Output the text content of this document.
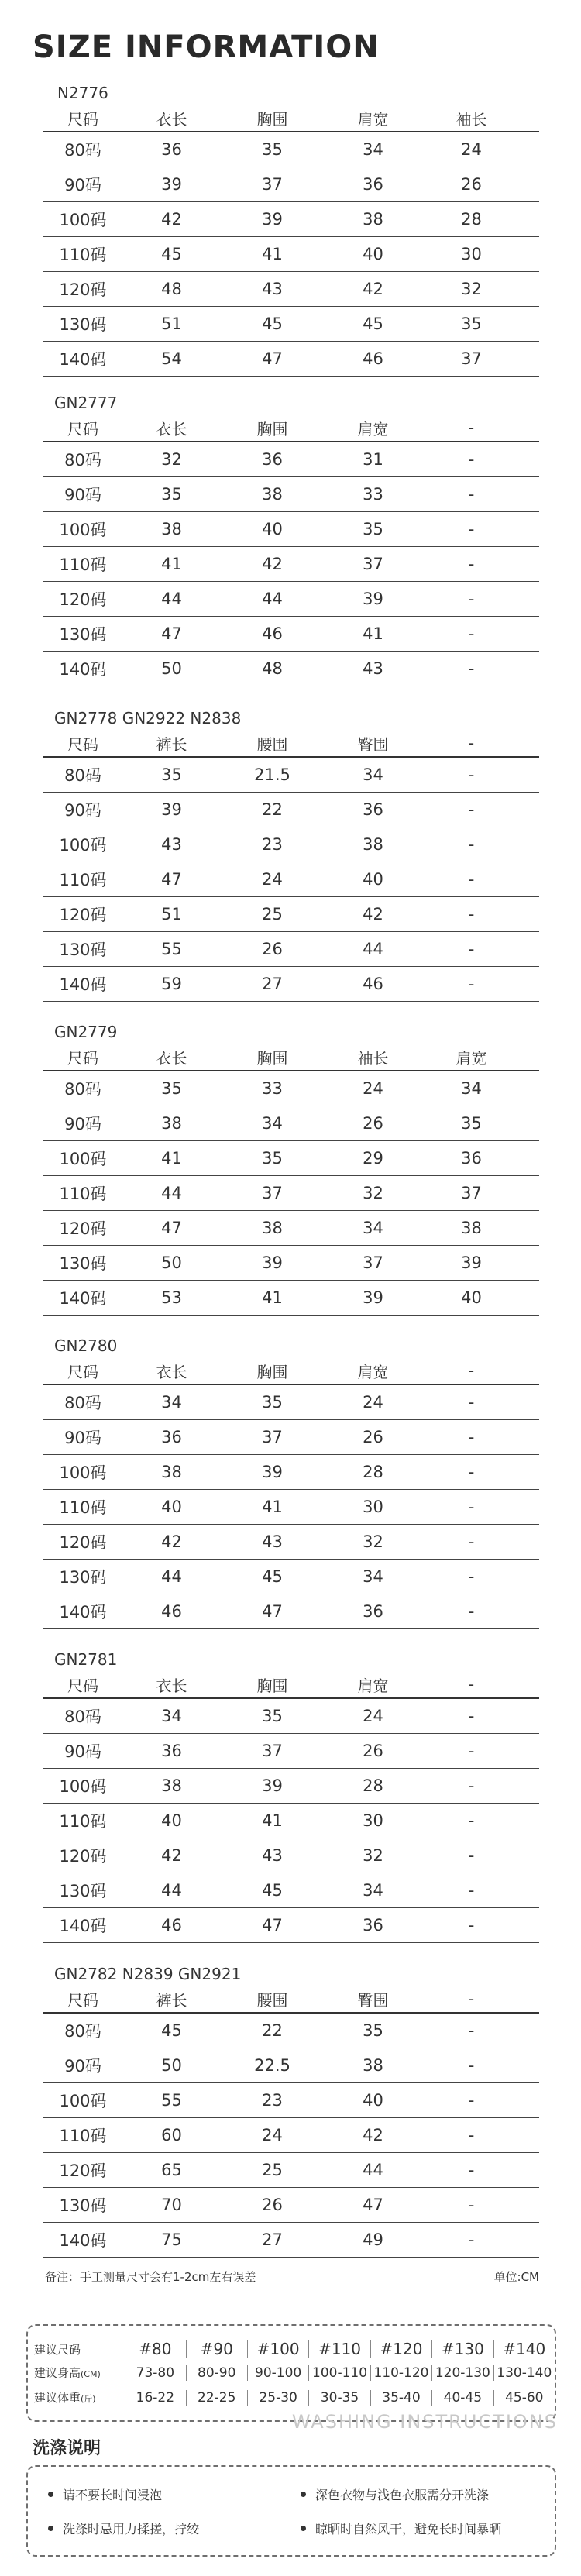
SIZE INFORMATION
N2776
尺码	衣长	胸围	肩宽	袖长
80码	36	35	34	24
90码	39	37	36	26
100码	42	39	38	28
110码	45	41	40	30
120码	48	43	42	32
130码	51	45	45	35
140码	54	47	46	37
GN2777
尺码	衣长	胸围	肩宽	-
80码	32	36	31	-
90码	35	38	33	-
100码	38	40	35	-
110码	41	42	37	-
120码	44	44	39	-
130码	47	46	41	-
140码	50	48	43	-
GN2778 GN2922 N2838
尺码	裤长	腰围	臀围	-
80码	35	21.5	34	-
90码	39	22	36	-
100码	43	23	38	-
110码	47	24	40	-
120码	51	25	42	-
130码	55	26	44	-
140码	59	27	46	-
GN2779
尺码	衣长	胸围	袖长	肩宽
80码	35	33	24	34
90码	38	34	26	35
100码	41	35	29	36
110码	44	37	32	37
120码	47	38	34	38
130码	50	39	37	39
140码	53	41	39	40
GN2780
尺码	衣长	胸围	肩宽	-
80码	34	35	24	-
90码	36	37	26	-
100码	38	39	28	-
110码	40	41	30	-
120码	42	43	32	-
130码	44	45	34	-
140码	46	47	36	-
GN2781
尺码	衣长	胸围	肩宽	-
80码	34	35	24	-
90码	36	37	26	-
100码	38	39	28	-
110码	40	41	30	-
120码	42	43	32	-
130码	44	45	34	-
140码	46	47	36	-
GN2782 N2839 GN2921
尺码	裤长	腰围	臀围	-
80码	45	22	35	-
90码	50	22.5	38	-
100码	55	23	40	-
110码	60	24	42	-
120码	65	25	44	-
130码	70	26	47	-
140码	75	27	49	-
备注：手工测量尺寸会有1-2cm左右误差	单位:CM
建议尺码	#80	#90	#100	#110	#120	#130	#140
建议身高(CM)	73-80	80-90	90-100 100-110 110-120 120-130 130-140
建议体重(斤)	16-22	22-25	25-30	30-35	35-40	40-45	45-60
WASHING INSTRUCTIONS
洗涤说明
请不要长时间浸泡	深色衣物与浅色衣服需分开洗涤
洗涤时忌用力揉搓，拧绞	晾晒时自然风干，避免长时间暴晒
